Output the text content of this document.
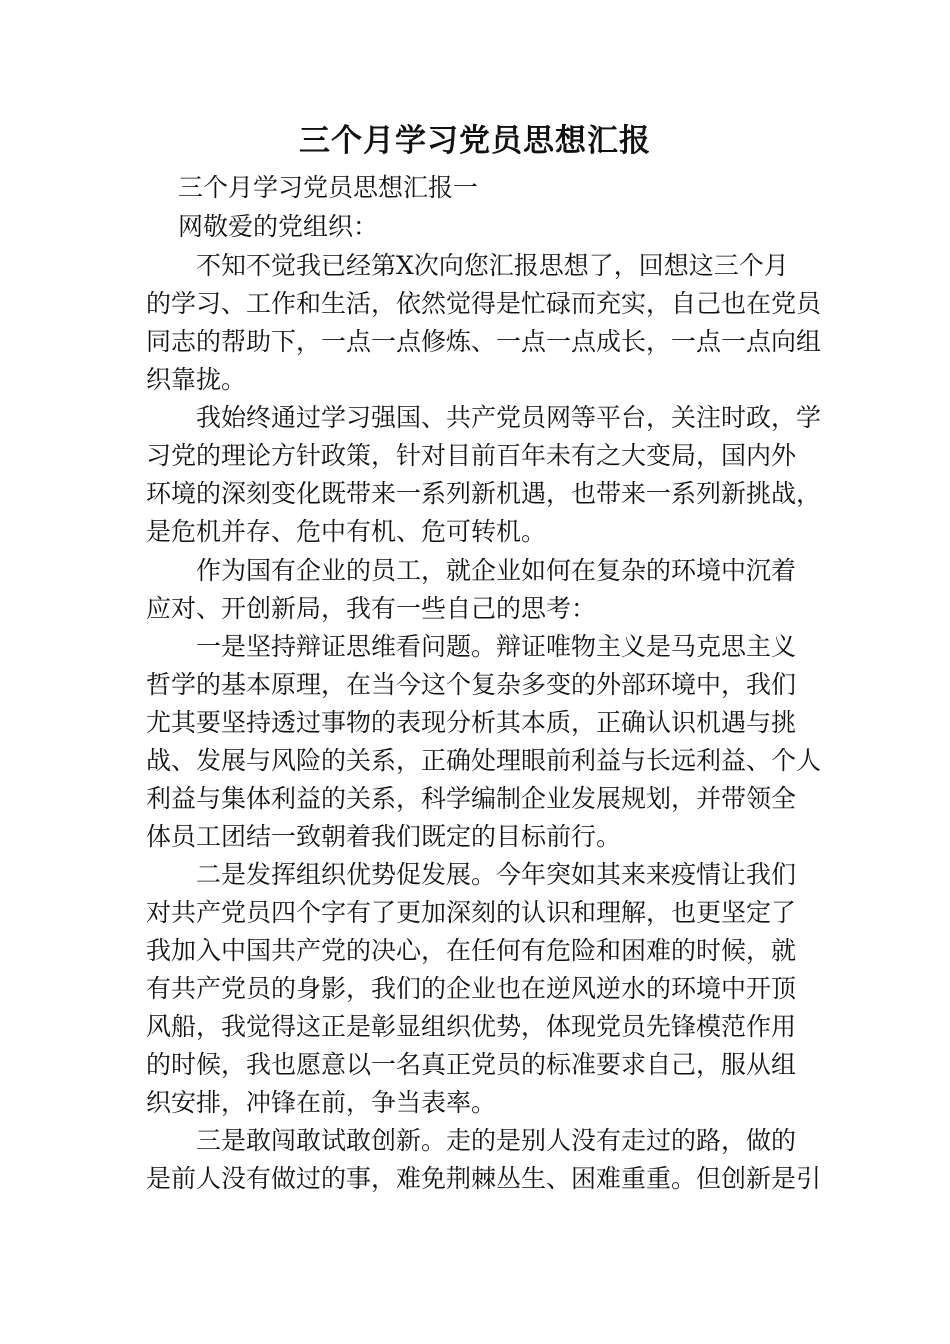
三个月学习党员思想汇报

三个月学习党员思想汇报一

网敬爱的党组织：

不知不觉我已经第X次向您汇报思想了，回想这三个月

的学习、工作和生活，依然觉得是忙碌而充实，自己也在党员

同志的帮助下，一点一点修炼、一点一点成长，一点一点向组

织靠拢。

我始终通过学习强国、共产党员网等平台，关注时政，学

习党的理论方针政策，针对目前百年未有之大变局，国内外

环境的深刻变化既带来一系列新机遇，也带来一系列新挑战，

是危机并存、危中有机、危可转机。

作为国有企业的员工，就企业如何在复杂的环境中沉着

应对、开创新局，我有一些自己的思考：

一是坚持辩证思维看问题。辩证唯物主义是马克思主义

哲学的基本原理，在当今这个复杂多变的外部环境中，我们

尤其要坚持透过事物的表现分析其本质，正确认识机遇与挑

战、发展与风险的关系，正确处理眼前利益与长远利益、个人

利益与集体利益的关系，科学编制企业发展规划，并带领全

体员工团结一致朝着我们既定的目标前行。

二是发挥组织优势促发展。今年突如其来来疫情让我们

对共产党员四个字有了更加深刻的认识和理解，也更坚定了

我加入中国共产党的决心，在任何有危险和困难的时候，就

有共产党员的身影，我们的企业也在逆风逆水的环境中开顶

风船，我觉得这正是彰显组织优势，体现党员先锋模范作用

的时候，我也愿意以一名真正党员的标准要求自己，服从组

织安排，冲锋在前，争当表率。

三是敢闯敢试敢创新。走的是别人没有走过的路，做的

是前人没有做过的事，难免荆棘丛生、困难重重。但创新是引
